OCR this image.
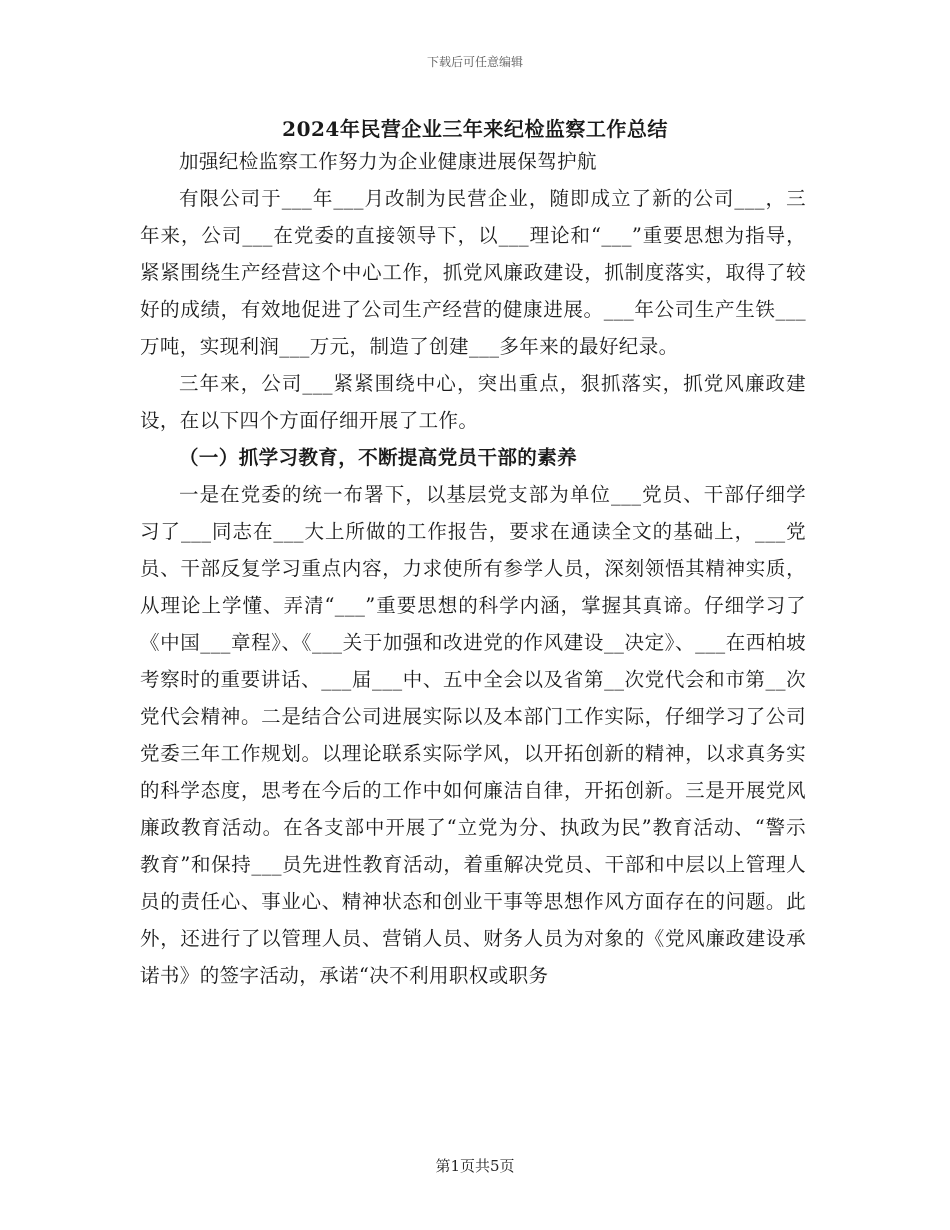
下载后可任意编辑
2024年民营企业三年来纪检监察工作总结

加强纪检监察工作努力为企业健康进展保驾护航

有限公司于___年___月改制为民营企业，随即成立了新的公司___，三年来，公司___在党委的直接领导下，以___理论和“___”重要思想为指导，紧紧围绕生产经营这个中心工作，抓党风廉政建设，抓制度落实，取得了较好的成绩，有效地促进了公司生产经营的健康进展。___年公司生产生铁___万吨，实现利润___万元，制造了创建___多年来的最好纪录。

三年来，公司___紧紧围绕中心，突出重点，狠抓落实，抓党风廉政建设，在以下四个方面仔细开展了工作。

（一）抓学习教育，不断提高党员干部的素养

一是在党委的统一布署下，以基层党支部为单位___党员、干部仔细学习了___同志在___大上所做的工作报告，要求在通读全文的基础上，___党员、干部反复学习重点内容，力求使所有参学人员，深刻领悟其精神实质，从理论上学懂、弄清“___”重要思想的科学内涵，掌握其真谛。仔细学习了《中国___章程》、《___关于加强和改进党的作风建设__决定》、___在西柏坡考察时的重要讲话、___届___中、五中全会以及省第__次党代会和市第__次党代会精神。二是结合公司进展实际以及本部门工作实际，仔细学习了公司党委三年工作规划。以理论联系实际学风，以开拓创新的精神，以求真务实的科学态度，思考在今后的工作中如何廉洁自律，开拓创新。三是开展党风廉政教育活动。在各支部中开展了“立党为分、执政为民”教育活动、“警示教育”和保持___员先进性教育活动，着重解决党员、干部和中层以上管理人员的责任心、事业心、精神状态和创业干事等思想作风方面存在的问题。此外，还进行了以管理人员、营销人员、财务人员为对象的《党风廉政建设承诺书》的签字活动，承诺“决不利用职权或职务

第1页共5页
